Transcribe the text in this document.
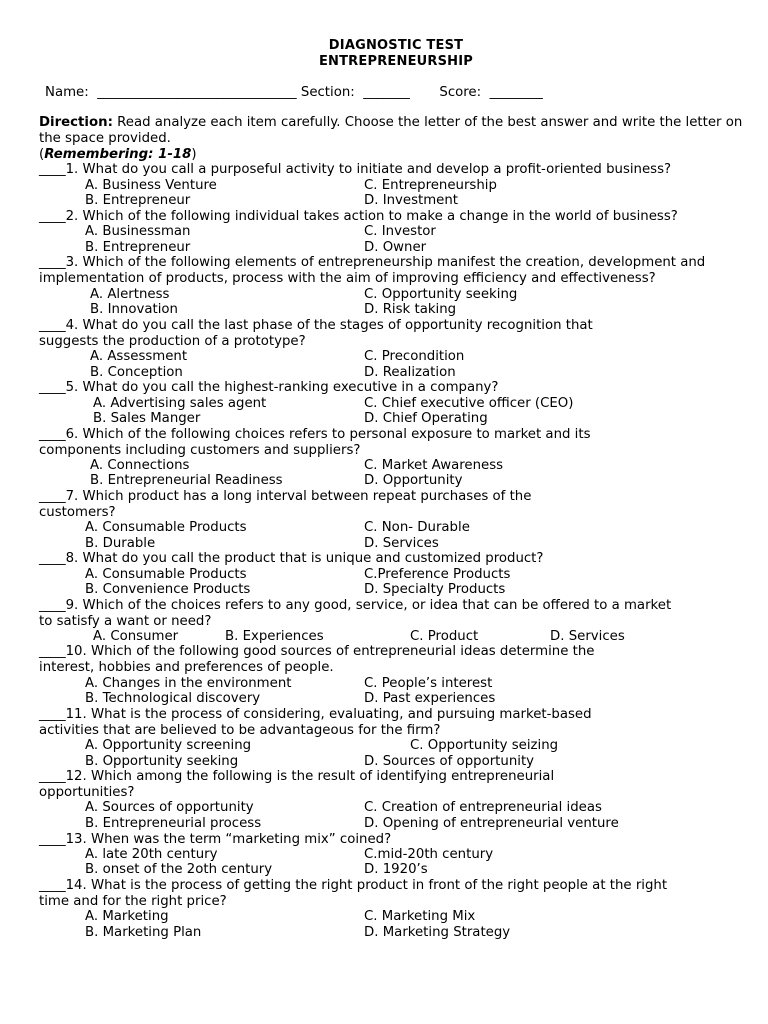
DIAGNOSTIC TEST
ENTREPRENEURSHIP
Name: ______________________________ Section: _______ Score: ________
Direction: Read analyze each item carefully. Choose the letter of the best answer and write the letter on the space provided.
(Remembering: 1-18)
____1. What do you call a purposeful activity to initiate and develop a profit-oriented business?
A. Business Venture	C. Entrepreneurship
B. Entrepreneur	D. Investment
____2. Which of the following individual takes action to make a change in the world of business?
A. Businessman	C. Investor
B. Entrepreneur	D. Owner
____3. Which of the following elements of entrepreneurship manifest the creation, development and implementation of products, process with the aim of improving efficiency and effectiveness?
A. Alertness	C. Opportunity seeking
B. Innovation	D. Risk taking
____4. What do you call the last phase of the stages of opportunity recognition that suggests the production of a prototype?
A. Assessment	C. Precondition
B. Conception	D. Realization
____5. What do you call the highest-ranking executive in a company?
A. Advertising sales agent	C. Chief executive officer (CEO)
B. Sales Manger	D. Chief Operating
____6. Which of the following choices refers to personal exposure to market and its components including customers and suppliers?
A. Connections	C. Market Awareness
B. Entrepreneurial Readiness	D. Opportunity
____7. Which product has a long interval between repeat purchases of the customers?
A. Consumable Products	C. Non- Durable
B. Durable	D. Services
____8. What do you call the product that is unique and customized product?
A. Consumable Products	C.Preference Products
B. Convenience Products	D. Specialty Products
____9. Which of the choices refers to any good, service, or idea that can be offered to a market to satisfy a want or need?
A. Consumer	B. Experiences	C. Product	D. Services
____10. Which of the following good sources of entrepreneurial ideas determine the interest, hobbies and preferences of people.
A. Changes in the environment	C. People’s interest
B. Technological discovery	D. Past experiences
____11. What is the process of considering, evaluating, and pursuing market-based activities that are believed to be advantageous for the firm?
A. Opportunity screening	C. Opportunity seizing
B. Opportunity seeking	D. Sources of opportunity
____12. Which among the following is the result of identifying entrepreneurial opportunities?
A. Sources of opportunity	C. Creation of entrepreneurial ideas
B. Entrepreneurial process	D. Opening of entrepreneurial venture
____13. When was the term “marketing mix” coined?
A. late 20th century	C.mid-20th century
B. onset of the 2oth century	D. 1920’s
____14. What is the process of getting the right product in front of the right people at the right time and for the right price?
A. Marketing	C. Marketing Mix
B. Marketing Plan	D. Marketing Strategy
